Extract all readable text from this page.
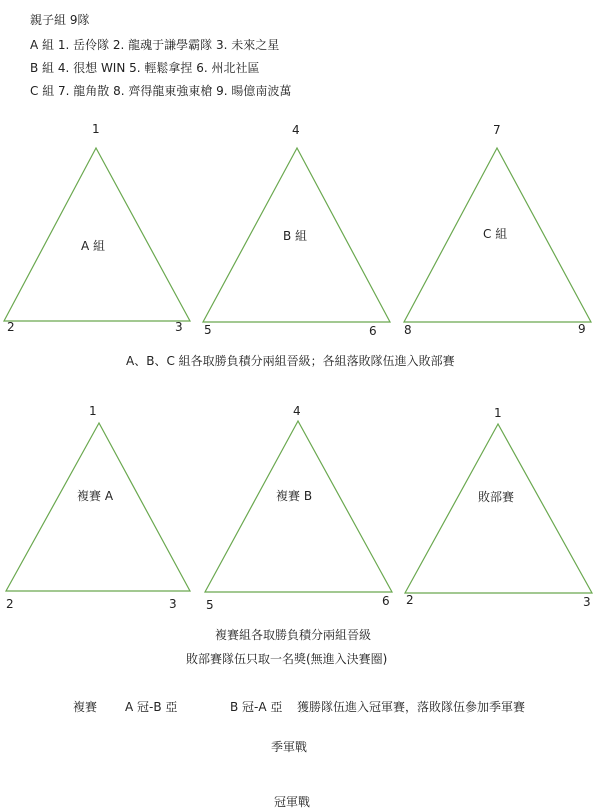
親子組 9隊
A 組 1. 岳伶隊 2. 龍魂于謙學霸隊 3. 未來之星
B 組 4. 很想 WIN 5. 輕鬆拿捏 6. 州北社區
C 組 7. 龍角散 8. 齊得龍東強東槍 9. 暘億南波萬
1
A 組
2	3
4
B 組
5	6
7
C 組
8	9
A、B、C 組各取勝負積分兩組晉級；各組落敗隊伍進入敗部賽
1
複賽 A
2	3
4
複賽 B
5	6
1
敗部賽
2	3
複賽組各取勝負積分兩組晉級
敗部賽隊伍只取一名獎(無進入決賽圈)
複賽 A 冠-B 亞	B 冠-A 亞 獲勝隊伍進入冠軍賽，落敗隊伍參加季軍賽
季軍戰
冠軍戰
